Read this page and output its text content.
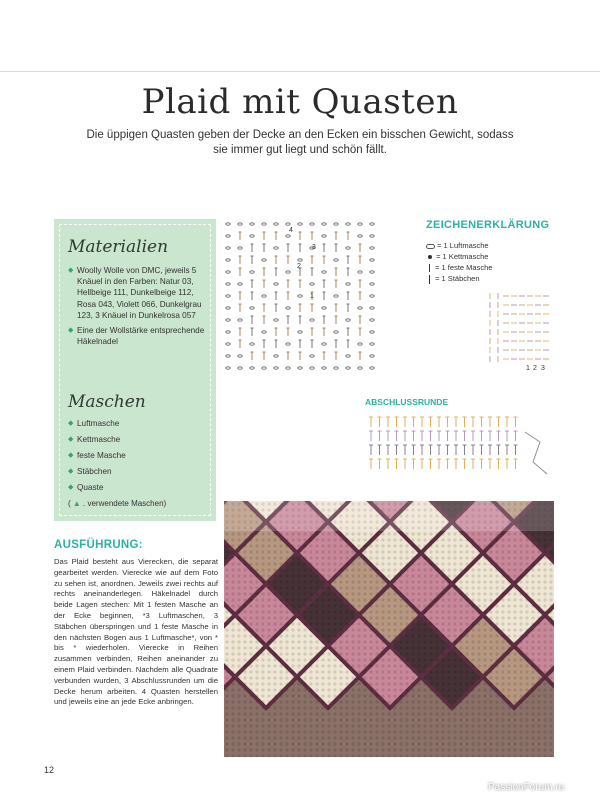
Plaid mit Quasten
Die üppigen Quasten geben der Decke an den Ecken ein bisschen Gewicht, sodass sie immer gut liegt und schön fällt.
Materialien
◆ Woolly Wolle von DMC, jeweils 5 Knäuel in den Farben: Natur 03, Hellbeige 111, Dunkelbeige 112, Rosa 043, Violett 066, Dunkelgrau 123, 3 Knäuel in Dunkelrosa 057
◆ Eine der Wollstärke entsprechende Häkelnadel
Maschen
◆ Luftmasche
◆ Kettmasche
◆ feste Masche
◆ Stäbchen
◆ Quaste
( ▲ . verwendete Maschen)
4
3
2
1
ZEICHENERKLÄRUNG
= 1 Luftmasche
= 1 Kettmasche
= 1 feste Masche
= 1 Stäbchen
1 2 3
ABSCHLUSSRUNDE
AUSFÜHRUNG:
Das Plaid besteht aus Vierecken, die separat gearbeitet werden. Vierecke wie auf dem Foto zu sehen ist, anordnen. Jeweils zwei rechts auf rechts aneinanderlegen. Häkelnadel durch beide Lagen stechen: Mit 1 festen Masche an der Ecke beginnen, *3 Luftmaschen, 3 Stäbchen überspringen und 1 feste Masche in den nächsten Bogen aus 1 Luftmasche*, von * bis * wiederholen. Vierecke in Reihen zusammen verbinden, Reihen aneinander zu einem Plaid verbinden. Nachdem alle Quadrate verbunden wurden, 3 Abschlussrunden um die Decke herum arbeiten. 4 Quasten herstellen und jeweils eine an jede Ecke anbringen.
12
PassionForum.ru
